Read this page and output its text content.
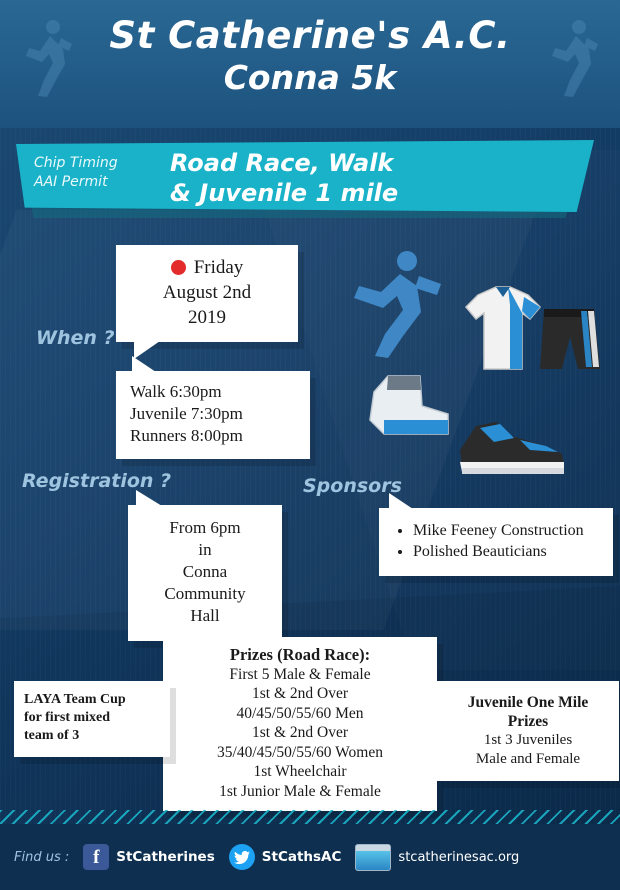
St Catherine's A.C.
Conna 5k
Chip Timing
AAI Permit
Road Race, Walk
& Juvenile 1 mile
When ?
Friday
August 2nd
2019
Walk 6:30pm
Juvenile 7:30pm
Runners 8:00pm
Registration ?
From 6pm
in
Conna
Community
Hall
Sponsors
• Mike Feeney Construction
• Polished Beauticians
Prizes (Road Race):
First 5 Male & Female
1st & 2nd Over
40/45/50/55/60 Men
1st & 2nd Over
35/40/45/50/55/60 Women
1st Wheelchair
1st Junior Male & Female
LAYA Team Cup
for first mixed
team of 3
Juvenile One Mile
Prizes
1st 3 Juveniles
Male and Female
Find us :	f	StCatherines	StCathsAC	stcatherinesac.org
